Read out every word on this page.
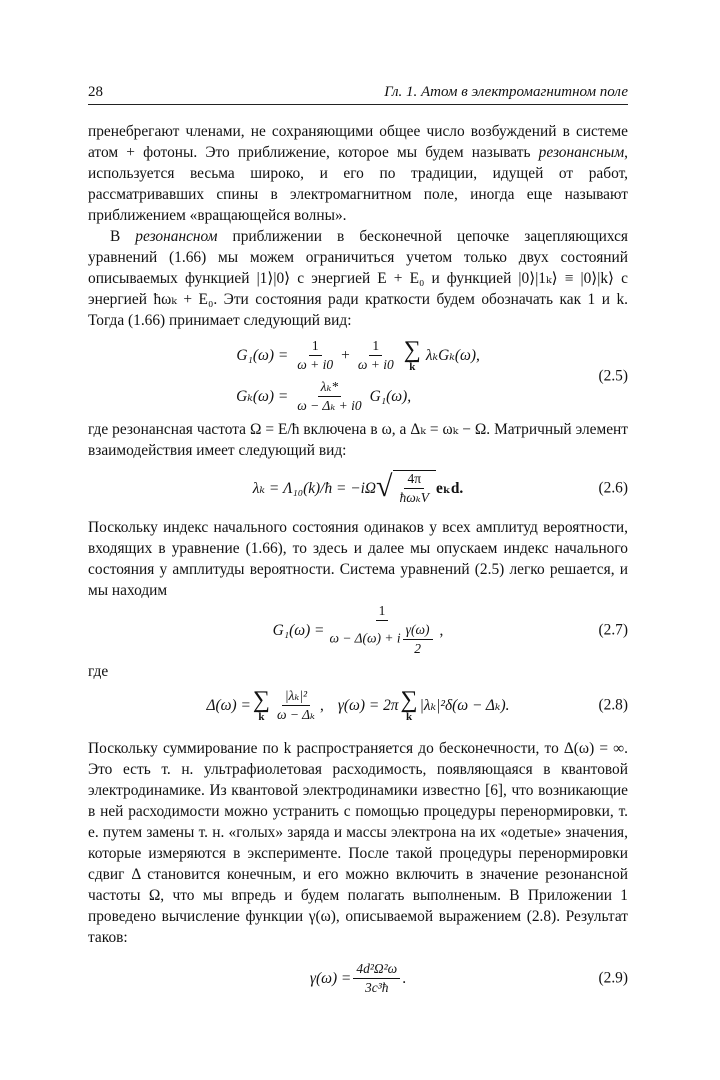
28	Гл. 1. Атом в электромагнитном поле

пренебрегают членами, не сохраняющими общее число возбуждений в системе атом + фотоны. Это приближение, которое мы будем называть резонансным, используется весьма широко, и его по традиции, идущей от работ, рассматривавших спины в электромагнитном поле, иногда еще называют приближением «вращающейся волны».

В резонансном приближении в бесконечной цепочке зацепляющихся уравнений (1.66) мы можем ограничиться учетом только двух состояний описываемых функцией |1⟩|0⟩ с энергией E + E₀ и функцией |0⟩|1ₖ⟩ ≡ |0⟩|k⟩ с энергией ħωₖ + E₀. Эти состояния ради краткости будем обозначать как 1 и k. Тогда (1.66) принимает следующий вид:

$G_1(\omega) = \frac{1}{\omega + i0} + \frac{1}{\omega + i0}$ ∑
k
λₖGₖ(ω),
$G_k(\omega) = \frac{\text{λₖ*}}{\text{ω − Δₖ + i0}} G_1(\omega)$,
(2.5)

где резонансная частота Ω = E/ħ включена в ω, а Δₖ = ωₖ − Ω. Матричный элемент взаимодействия имеет следующий вид:

λₖ = Λ₁₀(k)/ħ = −iΩ √ $\frac{4\pi}{\text{ħωₖV}} e_kd$.	(2.6)

Поскольку индекс начального состояния одинаков у всех амплитуд вероятности, входящих в уравнение (1.66), то здесь и далее мы опускаем индекс начального состояния у амплитуды вероятности. Система уравнений (2.5) легко решается, и мы находим

$G_1(\omega) = \frac{1}{\omega - \Delta(\omega) + i \frac{\gamma(\omega)}{2}}$ ,	(2.7)

где

Δ(ω) = ∑
k $\frac{\text{|λₖ|²}}{\text{ω − Δₖ}}$ , γ(ω) = 2π ∑
k
|λₖ|²δ(ω − Δₖ).	(2.8)

Поскольку суммирование по k распространяется до бесконечности, то Δ(ω) = ∞. Это есть т. н. ультрафиолетовая расходимость, появляющаяся в квантовой электродинамике. Из квантовой электродинамики известно [6], что возникающие в ней расходимости можно устранить с помощью процедуры перенормировки, т. е. путем замены т. н. «голых» заряда и массы электрона на их «одетые» значения, которые измеряются в эксперименте. После такой процедуры перенормировки сдвиг Δ становится конечным, и его можно включить в значение резонансной частоты Ω, что мы впредь и будем полагать выполненым. В Приложении 1 проведено вычисление функции γ(ω), описываемой выражением (2.8). Результат таков:

$\gamma(\omega) = \frac{\text{4d²Ω²ω}}{\text{3c³ħ}}$ .	(2.9)
